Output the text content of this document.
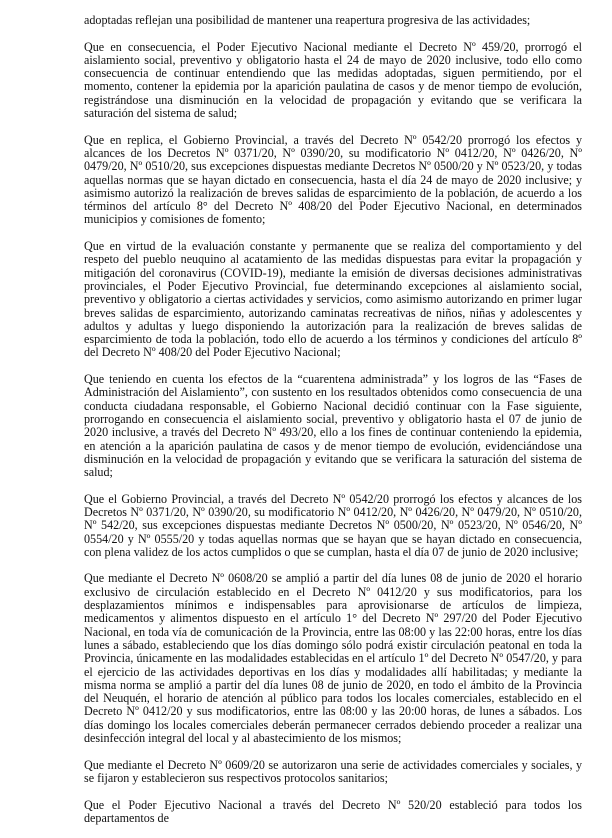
adoptadas reflejan una posibilidad de mantener una reapertura progresiva de las actividades;

Que en consecuencia, el Poder Ejecutivo Nacional mediante el Decreto Nº 459/20, prorrogó el aislamiento social, preventivo y obligatorio hasta el 24 de mayo de 2020 inclusive, todo ello como consecuencia de continuar entendiendo que las medidas adoptadas, siguen permitiendo, por el momento, contener la epidemia por la aparición paulatina de casos y de menor tiempo de evolución, registrándose una disminución en la velocidad de propagación y evitando que se verificara la saturación del sistema de salud;

Que en replica, el Gobierno Provincial, a través del Decreto Nº 0542/20 prorrogó los efectos y alcances de los Decretos Nº 0371/20, Nº 0390/20, su modificatorio Nº 0412/20, Nº 0426/20, Nº 0479/20, Nº 0510/20, sus excepciones dispuestas mediante Decretos Nº 0500/20 y Nº 0523/20, y todas aquellas normas que se hayan dictado en consecuencia, hasta el día 24 de mayo de 2020 inclusive; y asimismo autorizó la realización de breves salidas de esparcimiento de la población, de acuerdo a los términos del artículo 8° del Decreto Nº 408/20 del Poder Ejecutivo Nacional, en determinados municipios y comisiones de fomento;

Que en virtud de la evaluación constante y permanente que se realiza del comportamiento y del respeto del pueblo neuquino al acatamiento de las medidas dispuestas para evitar la propagación y mitigación del coronavirus (COVID-19), mediante la emisión de diversas decisiones administrativas provinciales, el Poder Ejecutivo Provincial, fue determinando excepciones al aislamiento social, preventivo y obligatorio a ciertas actividades y servicios, como asimismo autorizando en primer lugar breves salidas de esparcimiento, autorizando caminatas recreativas de niños, niñas y adolescentes y adultos y adultas y luego disponiendo la autorización para la realización de breves salidas de esparcimiento de toda la población, todo ello de acuerdo a los términos y condiciones del artículo 8º del Decreto Nº 408/20 del Poder Ejecutivo Nacional;

Que teniendo en cuenta los efectos de la “cuarentena administrada” y los logros de las “Fases de Administración del Aislamiento”, con sustento en los resultados obtenidos como consecuencia de una conducta ciudadana responsable, el Gobierno Nacional decidió continuar con la Fase siguiente, prorrogando en consecuencia el aislamiento social, preventivo y obligatorio hasta el 07 de junio de 2020 inclusive, a través del Decreto Nº 493/20, ello a los fines de continuar conteniendo la epidemia, en atención a la aparición paulatina de casos y de menor tiempo de evolución, evidenciándose una disminución en la velocidad de propagación y evitando que se verificara la saturación del sistema de salud;

Que el Gobierno Provincial, a través del Decreto Nº 0542/20 prorrogó los efectos y alcances de los Decretos Nº 0371/20, Nº 0390/20, su modificatorio Nº 0412/20, Nº 0426/20, Nº 0479/20, Nº 0510/20, Nº 542/20, sus excepciones dispuestas mediante Decretos Nº 0500/20, Nº 0523/20, Nº 0546/20, Nº 0554/20 y Nº 0555/20 y todas aquellas normas que se hayan que se hayan dictado en consecuencia, con plena validez de los actos cumplidos o que se cumplan, hasta el día 07 de junio de 2020 inclusive;

Que mediante el Decreto Nº 0608/20 se amplió a partir del día lunes 08 de junio de 2020 el horario exclusivo de circulación establecido en el Decreto Nº 0412/20 y sus modificatorios, para los desplazamientos mínimos e indispensables para aprovisionarse de artículos de limpieza, medicamentos y alimentos dispuesto en el artículo 1° del Decreto Nº 297/20 del Poder Ejecutivo Nacional, en toda vía de comunicación de la Provincia, entre las 08:00 y las 22:00 horas, entre los días lunes a sábado, estableciendo que los días domingo sólo podrá existir circulación peatonal en toda la Provincia, únicamente en las modalidades establecidas en el artículo 1º del Decreto Nº 0547/20, y para el ejercicio de las actividades deportivas en los días y modalidades allí habilitadas; y mediante la misma norma se amplió a partir del día lunes 08 de junio de 2020, en todo el ámbito de la Provincia del Neuquén, el horario de atención al público para todos los locales comerciales, establecido en el Decreto Nº 0412/20 y sus modificatorios, entre las 08:00 y las 20:00 horas, de lunes a sábados. Los días domingo los locales comerciales deberán permanecer cerrados debiendo proceder a realizar una desinfección integral del local y al abastecimiento de los mismos;

Que mediante el Decreto Nº 0609/20 se autorizaron una serie de actividades comerciales y sociales, y se fijaron y establecieron sus respectivos protocolos sanitarios;

Que el Poder Ejecutivo Nacional a través del Decreto Nº 520/20 estableció para todos los departamentos de
